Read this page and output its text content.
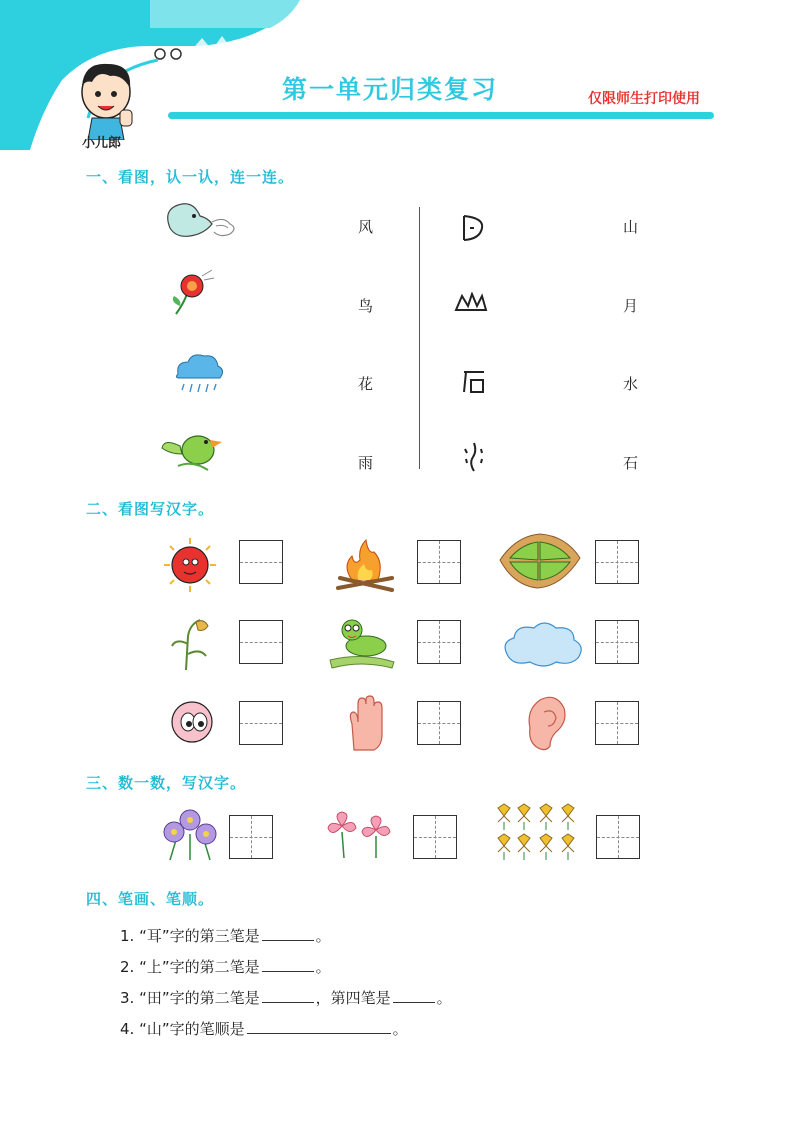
小儿郎
第一单元归类复习	仅限师生打印使用
一、看图，认一认，连一连。
风
鸟
花
雨
山
月
水
石
二、看图写汉字。
三、数一数，写汉字。
四、笔画、笔顺。
1. “耳”字的第三笔是	。
2. “上”字的第二笔是	。
3. “田”字的第二笔是	，第四笔是	。
4. “山”字的笔顺是	。
